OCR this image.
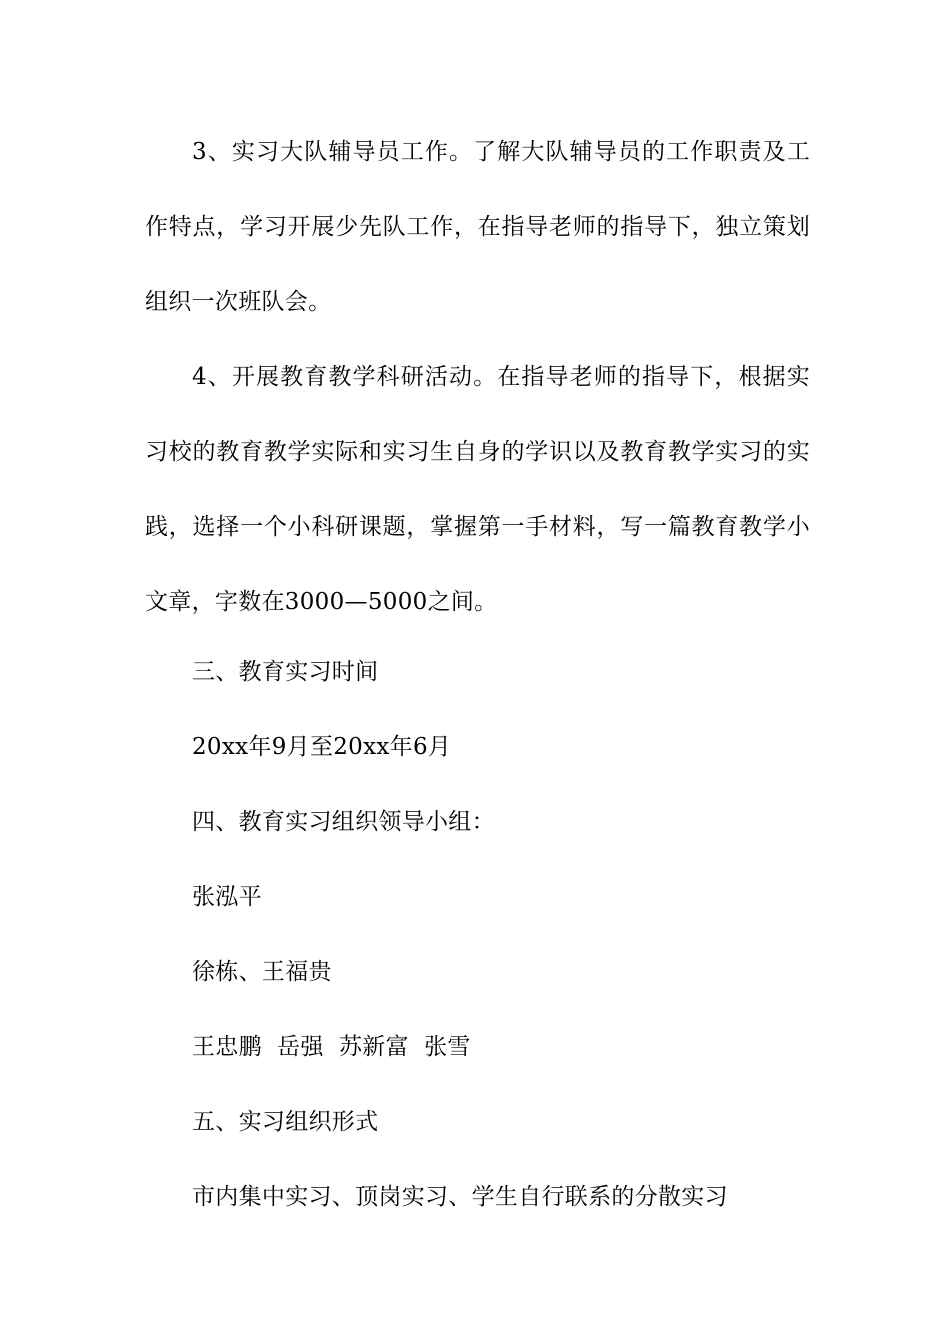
3、实习大队辅导员工作。了解大队辅导员的工作职责及工作特点，学习开展少先队工作，在指导老师的指导下，独立策划组织一次班队会。

4、开展教育教学科研活动。在指导老师的指导下，根据实习校的教育教学实际和实习生自身的学识以及教育教学实习的实践，选择一个小科研课题，掌握第一手材料，写一篇教育教学小文章，字数在3000—5000之间。

三、教育实习时间

20xx年9月至20xx年6月

四、教育实习组织领导小组：

张泓平

徐栋、王福贵

王忠鹏  岳强  苏新富  张雪

五、实习组织形式

市内集中实习、顶岗实习、学生自行联系的分散实习
